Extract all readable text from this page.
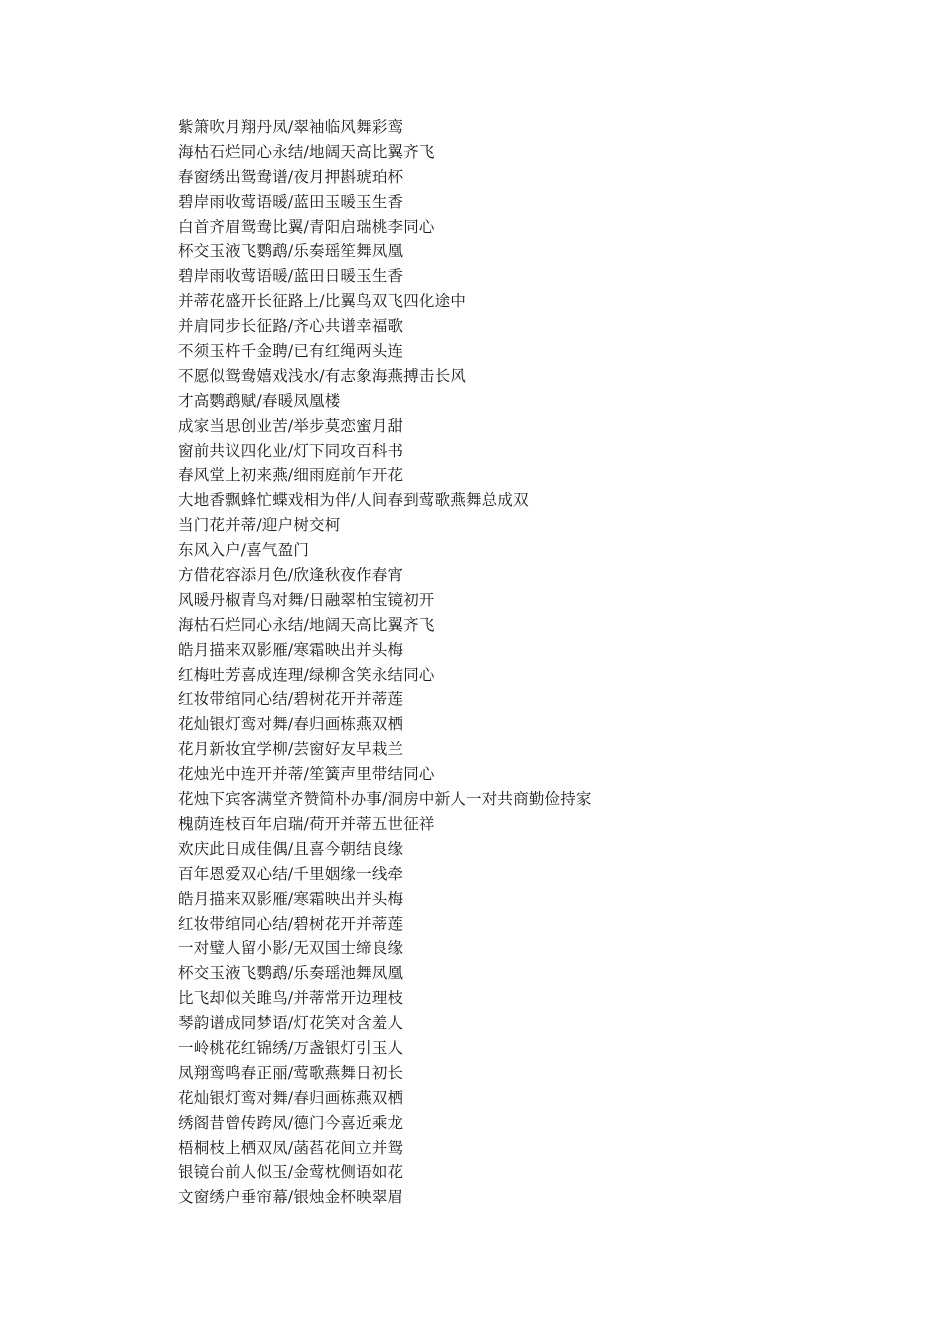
紫箫吹月翔丹凤/翠袖临风舞彩鸾
海枯石烂同心永结/地阔天高比翼齐飞
春窗绣出鸳鸯谱/夜月押斟琥珀杯
碧岸雨收莺语暖/蓝田玉暖玉生香
白首齐眉鸳鸯比翼/青阳启瑞桃李同心
杯交玉液飞鹦鹉/乐奏瑶笙舞凤凰
碧岸雨收莺语暖/蓝田日暖玉生香
并蒂花盛开长征路上/比翼鸟双飞四化途中
并肩同步长征路/齐心共谱幸福歌
不须玉杵千金聘/已有红绳两头连
不愿似鸳鸯嬉戏浅水/有志象海燕搏击长风
才高鹦鹉赋/春暖凤凰楼
成家当思创业苦/举步莫恋蜜月甜
窗前共议四化业/灯下同攻百科书
春风堂上初来燕/细雨庭前乍开花
大地香飘蜂忙蝶戏相为伴/人间春到莺歌燕舞总成双
当门花并蒂/迎户树交柯
东风入户/喜气盈门
方借花容添月色/欣逢秋夜作春宵
风暖丹椒青鸟对舞/日融翠柏宝镜初开
海枯石烂同心永结/地阔天高比翼齐飞
皓月描来双影雁/寒霜映出并头梅
红梅吐芳喜成连理/绿柳含笑永结同心
红妆带绾同心结/碧树花开并蒂莲
花灿银灯鸾对舞/春归画栋燕双栖
花月新妆宜学柳/芸窗好友早栽兰
花烛光中连开并蒂/笙簧声里带结同心
花烛下宾客满堂齐赞简朴办事/洞房中新人一对共商勤俭持家
槐荫连枝百年启瑞/荷开并蒂五世征祥
欢庆此日成佳偶/且喜今朝结良缘
百年恩爱双心结/千里姻缘一线牵
皓月描来双影雁/寒霜映出并头梅
红妆带绾同心结/碧树花开并蒂莲
一对璧人留小影/无双国士缔良缘
杯交玉液飞鹦鹉/乐奏瑶池舞凤凰
比飞却似关雎鸟/并蒂常开边理枝
琴韵谱成同梦语/灯花笑对含羞人
一岭桃花红锦绣/万盏银灯引玉人
凤翔鸾鸣春正丽/莺歌燕舞日初长
花灿银灯鸾对舞/春归画栋燕双栖
绣阁昔曾传跨凤/德门今喜近乘龙
梧桐枝上栖双凤/菡萏花间立并鸳
银镜台前人似玉/金莺枕侧语如花
文窗绣户垂帘幕/银烛金杯映翠眉
